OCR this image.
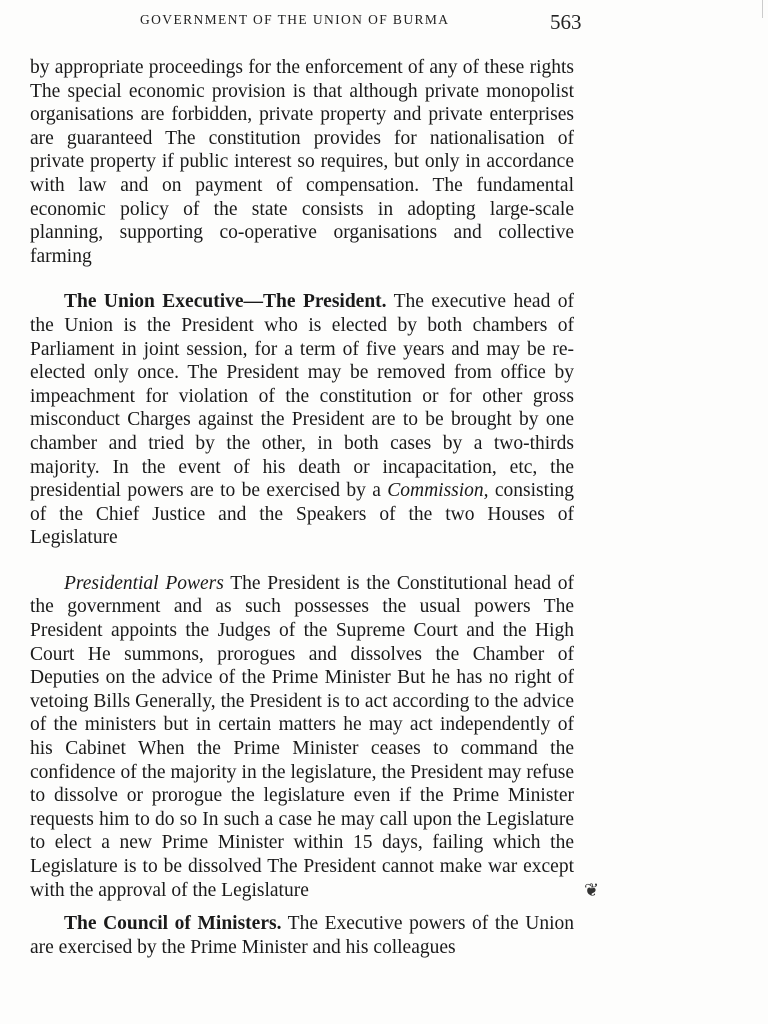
GOVERNMENT OF THE UNION OF BURMA	563

by appropriate proceedings for the enforcement of any of these rights The special economic provision is that although private monopolist organisations are forbidden, private property and private enterprises are guaranteed The constitution provides for nationalisation of private property if public interest so requires, but only in accordance with law and on payment of compensation. The fundamental economic policy of the state consists in adopting large-scale planning, supporting co-operative organisations and collective farming

The Union Executive—The President. The executive head of the Union is the President who is elected by both chambers of Parliament in joint session, for a term of five years and may be re-elected only once. The President may be removed from office by impeachment for violation of the constitution or for other gross misconduct Charges against the President are to be brought by one chamber and tried by the other, in both cases by a two-thirds majority. In the event of his death or incapacitation, etc, the presidential powers are to be exercised by a Commission, consisting of the Chief Justice and the Speakers of the two Houses of Legislature

Presidential Powers The President is the Constitutional head of the government and as such possesses the usual powers The President appoints the Judges of the Supreme Court and the High Court He summons, prorogues and dissolves the Chamber of Deputies on the advice of the Prime Minister But he has no right of vetoing Bills Generally, the President is to act according to the advice of the ministers but in certain matters he may act independently of his Cabinet When the Prime Minister ceases to command the confidence of the majority in the legislature, the President may refuse to dissolve or prorogue the legislature even if the Prime Minister requests him to do so In such a case he may call upon the Legislature to elect a new Prime Minister within 15 days, failing which the Legislature is to be dissolved The President cannot make war except with the approval of the Legislature

The Council of Ministers. The Executive powers of the Union are exercised by the Prime Minister and his colleagues

❦
